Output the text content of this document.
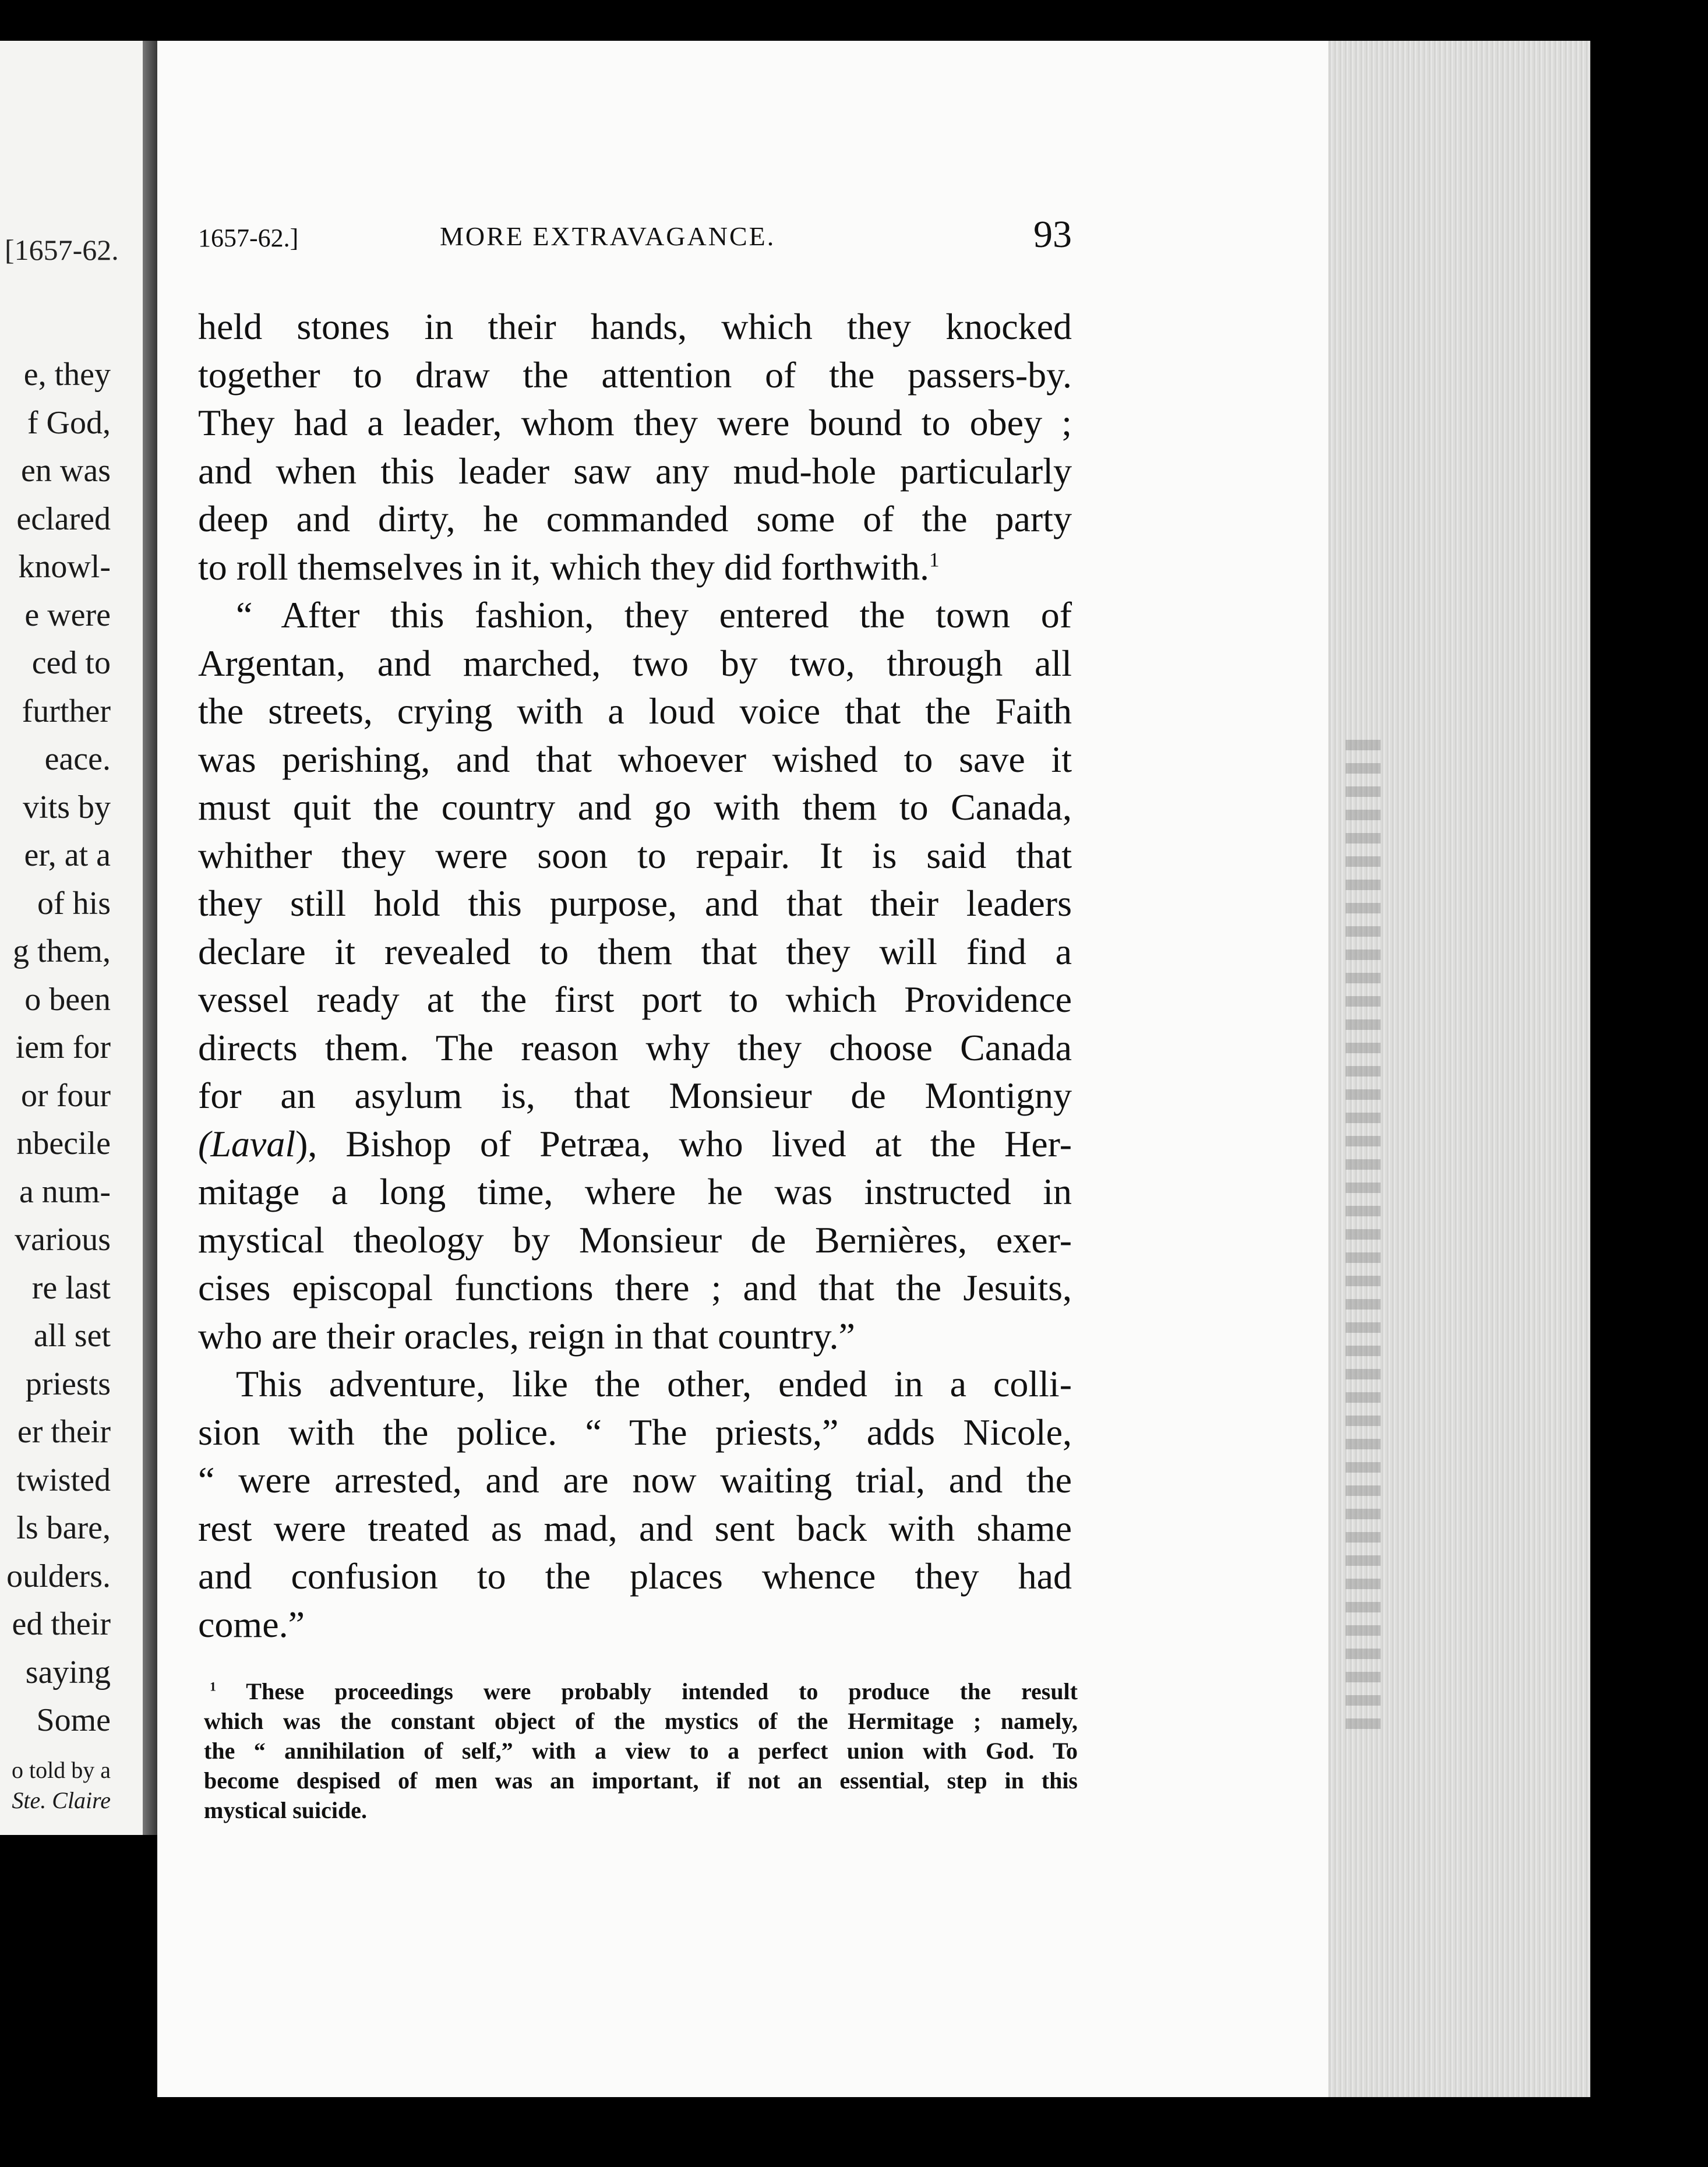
[1657-62.
e, they
f God,
en was
eclared
knowl-
e were
ced to
further
eace.
vits by
er, at a
of his
g them,
o been
iem for
or four
nbecile
a num-
various
re last
all set
priests
er their
twisted
ls bare,
oulders.
ed their
saying
Some
o told by a
Ste. Claire
1657-62.]	MORE EXTRAVAGANCE.	93
held stones in their hands, which they knocked
together to draw the attention of the passers-by.
They had a leader, whom they were bound to obey ;
and when this leader saw any mud-hole particularly
deep and dirty, he commanded some of the party
to roll themselves in it, which they did forthwith.$^1$
“ After this fashion, they entered the town of
Argentan, and marched, two by two, through all
the streets, crying with a loud voice that the Faith
was perishing, and that whoever wished to save it
must quit the country and go with them to Canada,
whither they were soon to repair. It is said that
they still hold this purpose, and that their leaders
declare it revealed to them that they will find a
vessel ready at the first port to which Providence
directs them. The reason why they choose Canada
for an asylum is, that Monsieur de Montigny
(Laval), Bishop of Petræa, who lived at the Her-
mitage a long time, where he was instructed in
mystical theology by Monsieur de Bernières, exer-
cises episcopal functions there ; and that the Jesuits,
who are their oracles, reign in that country.”
This adventure, like the other, ended in a colli-
sion with the police. “ The priests,” adds Nicole,
“ were arrested, and are now waiting trial, and the
rest were treated as mad, and sent back with shame
and confusion to the places whence they had
come.”
$^1$ These proceedings were probably intended to produce the result
which was the constant object of the mystics of the Hermitage ; namely,
the “ annihilation of self,” with a view to a perfect union with God. To
become despised of men was an important, if not an essential, step in this
mystical suicide.
